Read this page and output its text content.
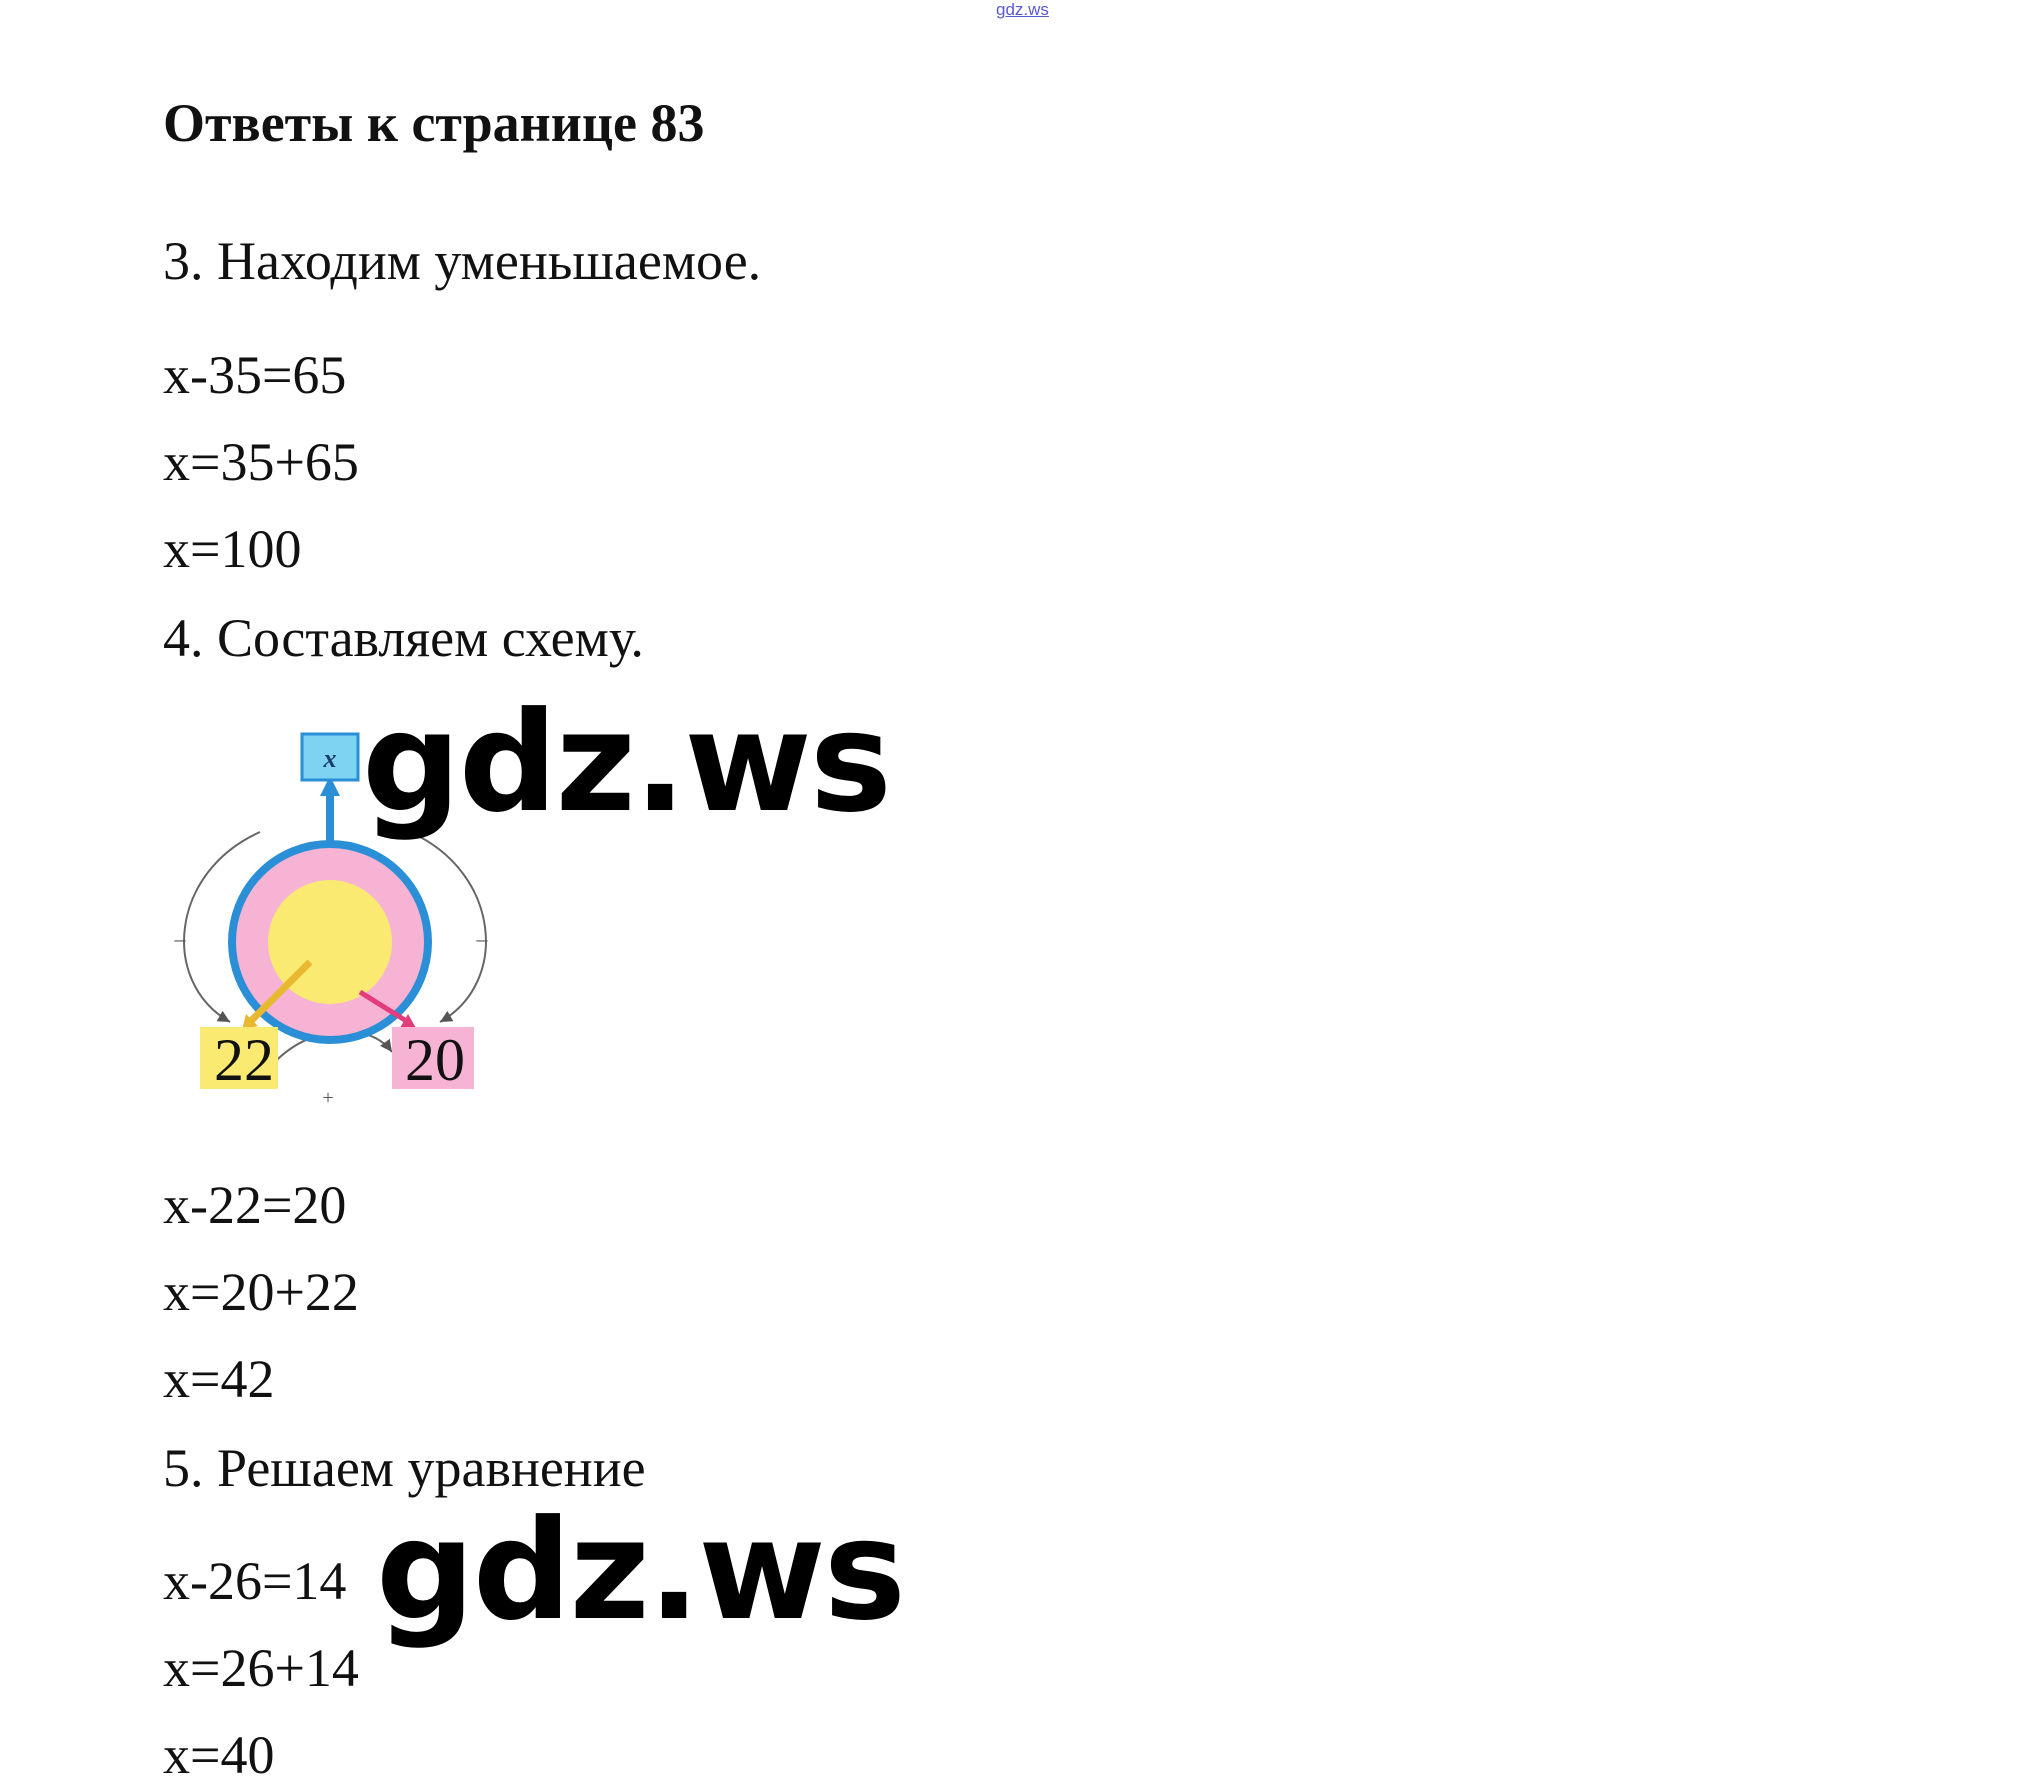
gdz.ws
Ответы к странице 83
3. Находим уменьшаемое.
x-35=65
x=35+65
x=100
4. Составляем схему.
x
22 20
–	–
+
gdz.ws
x-22=20
x=20+22
x=42
5. Решаем уравнение
x-26=14
x=26+14
x=40
gdz.ws
